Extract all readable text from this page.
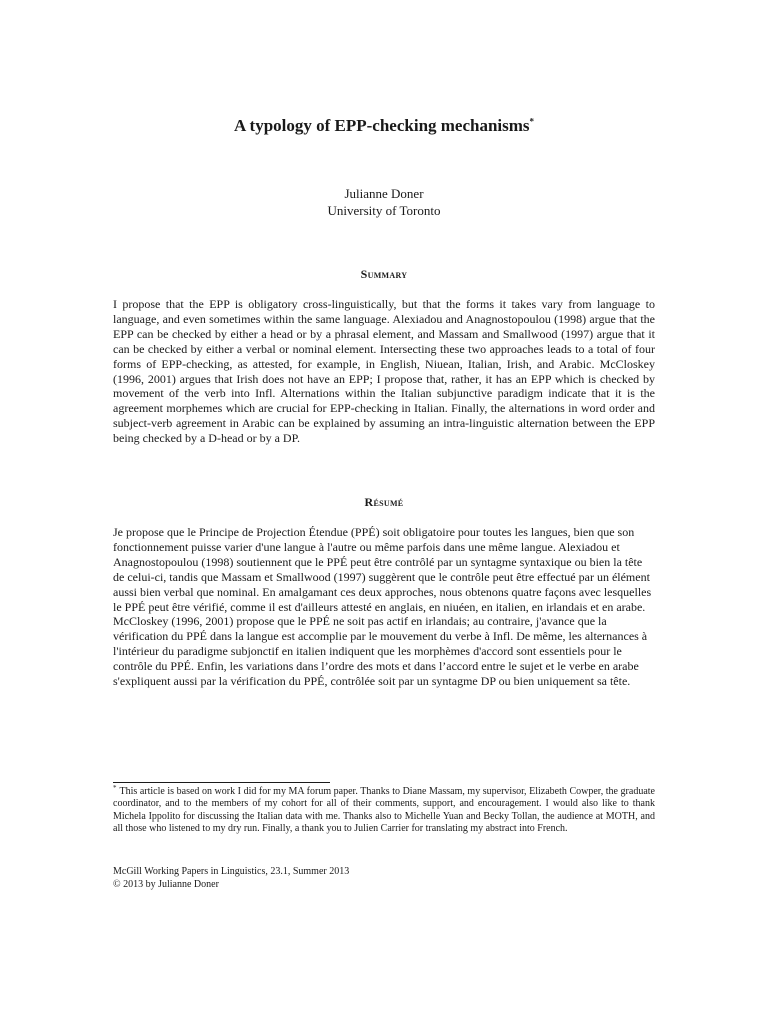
A typology of EPP-checking mechanisms*
Julianne Doner
University of Toronto
Summary

I propose that the EPP is obligatory cross-linguistically, but that the forms it takes vary from language to language, and even sometimes within the same language. Alexiadou and Anagnostopoulou (1998) argue that the EPP can be checked by either a head or by a phrasal element, and Massam and Smallwood (1997) argue that it can be checked by either a verbal or nominal element. Intersecting these two approaches leads to a total of four forms of EPP-checking, as attested, for example, in English, Niuean, Italian, Irish, and Arabic. McCloskey (1996, 2001) argues that Irish does not have an EPP; I propose that, rather, it has an EPP which is checked by movement of the verb into Infl. Alternations within the Italian subjunctive paradigm indicate that it is the agreement morphemes which are crucial for EPP-checking in Italian. Finally, the alternations in word order and subject-verb agreement in Arabic can be explained by assuming an intra-linguistic alternation between the EPP being checked by a D-head or by a DP.

Résumé

Je propose que le Principe de Projection Étendue (PPÉ) soit obligatoire pour toutes les langues, bien que son fonctionnement puisse varier d'une langue à l'autre ou même parfois dans une même langue. Alexiadou et Anagnostopoulou (1998) soutiennent que le PPÉ peut être contrôlé par un syntagme syntaxique ou bien la tête de celui-ci, tandis que Massam et Smallwood (1997) suggèrent que le contrôle peut être effectué par un élément aussi bien verbal que nominal. En amalgamant ces deux approches, nous obtenons quatre façons avec lesquelles le PPÉ peut être vérifié, comme il est d'ailleurs attesté en anglais, en niuéen, en italien, en irlandais et en arabe. McCloskey (1996, 2001) propose que le PPÉ ne soit pas actif en irlandais; au contraire, j'avance que la vérification du PPÉ dans la langue est accomplie par le mouvement du verbe à Infl. De même, les alternances à l'intérieur du paradigme subjonctif en italien indiquent que les morphèmes d'accord sont essentiels pour le contrôle du PPÉ. Enfin, les variations dans l’ordre des mots et dans l’accord entre le sujet et le verbe en arabe s'expliquent aussi par la vérification du PPÉ, contrôlée soit par un syntagme DP ou bien uniquement sa tête.

* This article is based on work I did for my MA forum paper. Thanks to Diane Massam, my supervisor, Elizabeth Cowper, the graduate coordinator, and to the members of my cohort for all of their comments, support, and encouragement. I would also like to thank Michela Ippolito for discussing the Italian data with me. Thanks also to Michelle Yuan and Becky Tollan, the audience at MOTH, and all those who listened to my dry run. Finally, a thank you to Julien Carrier for translating my abstract into French.

McGill Working Papers in Linguistics, 23.1, Summer 2013
© 2013 by Julianne Doner
